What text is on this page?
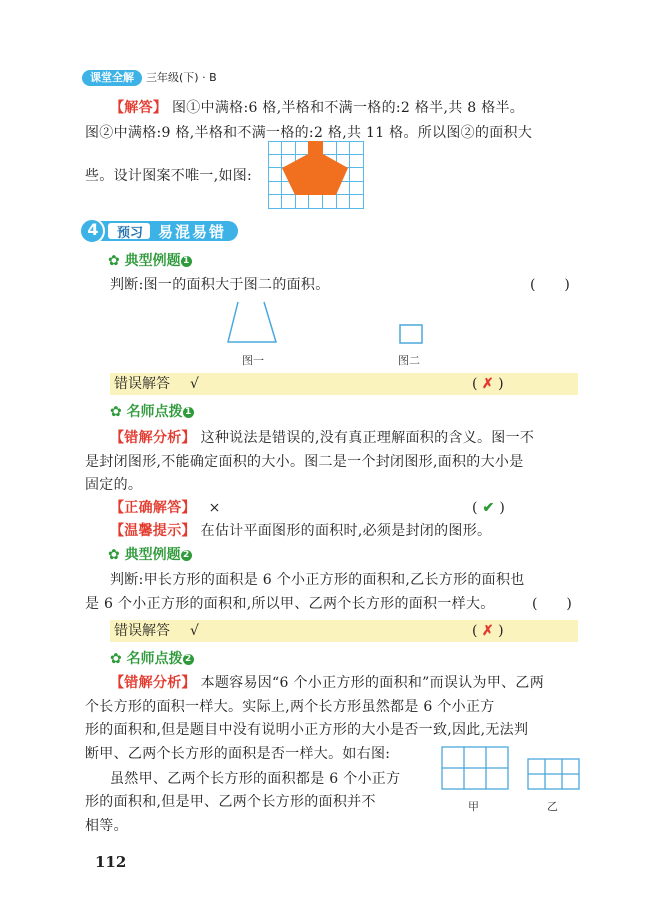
课堂全解	三年级(下) · B
【解答】 图①中满格:6 格,半格和不满一格的:2 格半,共 8 格半。
图②中满格:9 格,半格和不满一格的:2 格,共 11 格。所以图②的面积大
些。设计图案不唯一,如图:
4	预习	易混易错
✿ 典型例题 1
判断:图一的面积大于图二的面积。	(　　)
图一	图二
错误解答 √	( ✗ )
✿ 名师点拨 1
【错解分析】 这种说法是错误的,没有真正理解面积的含义。图一不
是封闭图形,不能确定面积的大小。图二是一个封闭图形,面积的大小是
固定的。
【正确解答】 ×	( ✔ )
【温馨提示】 在估计平面图形的面积时,必须是封闭的图形。
✿ 典型例题 2
判断:甲长方形的面积是 6 个小正方形的面积和,乙长方形的面积也
是 6 个小正方形的面积和,所以甲、乙两个长方形的面积一样大。	(　　)
错误解答 √	( ✗ )
✿ 名师点拨 2
【错解分析】 本题容易因“6 个小正方形的面积和”而误认为甲、乙两
个长方形的面积一样大。实际上,两个长方形虽然都是 6 个小正方
形的面积和,但是题目中没有说明小正方形的大小是否一致,因此,无法判
断甲、乙两个长方形的面积是否一样大。如右图:
虽然甲、乙两个长方形的面积都是 6 个小正方
形的面积和,但是甲、乙两个长方形的面积并不
相等。
甲	乙
112
